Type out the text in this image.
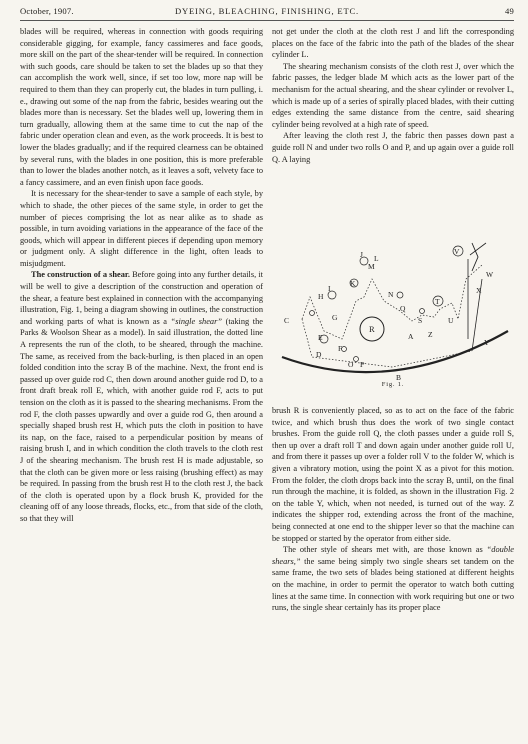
October, 1907.	DYEING, BLEACHING, FINISHING, ETC.	49

blades will be required, whereas in connection with goods requiring considerable gigging, for example, fancy cassimeres and face goods, more skill on the part of the shear-tender will be required. In connection with such goods, care should be taken to set the blades up so that they can accomplish the work well, since, if set too low, more nap will be required to them than they can properly cut, the blades in turn pulling, i. e., drawing out some of the nap from the fabric, besides wearing out the blades more than is necessary. Set the blades well up, lowering them in turn gradually, allowing them at the same time to cut the nap of the fabric under operation clean and even, as the work proceeds. It is best to lower the blades gradually; and if the required clearness can be obtained by several runs, with the blades in one position, this is more preferable than to lower the blades another notch, as it leaves a soft, velvety face to a fancy cassimere, and an even finish upon face goods.

It is necessary for the shear-tender to save a sample of each style, by which to shade, the other pieces of the same style, in order to get the number of pieces comprising the lot as near alike as to shade as possible, in turn avoiding variations in the appearance of the face of the goods, which will appear in different pieces if depending upon memory or judgment only. A slight difference in the light, often leads to misjudgment.

The construction of a shear. Before going into any further details, it will be well to give a description of the construction and operation of the shear, a feature best explained in connection with the accompanying illustration, Fig. 1, being a diagram showing in outlines, the construction and working parts of what is known as a “single shear” (taking the Parks & Woolson Shear as a model). In said illustration, the dotted line A represents the run of the cloth, to be sheared, through the machine. The same, as received from the back-burling, is then placed in an open folded condition into the scray B of the machine. Next, the front end is passed up over guide rod C, then down around another guide rod D, to a front draft break roll E, which, with another guide rod F, acts to put tension on the cloth as it is passed to the shearing mechanisms. From the rod F, the cloth passes upwardly and over a guide rod G, then around a specially shaped brush rest H, which puts the cloth in position to have its nap, on the face, raised to a perpendicular position by means of raising brush I, and in which condition the cloth travels to the cloth rest J of the shearing mechanism. The brush rest H is made adjustable, so that the cloth can be given more or less raising (brushing effect) as may be required. In passing from the brush rest H to the cloth rest J, the back of the cloth is operated upon by a flock brush K, provided for the cleaning off of any loose threads, flocks, etc., from that side of the cloth, so that they will

not get under the cloth at the cloth rest J and lift the corresponding places on the face of the fabric into the path of the blades of the shear cylinder L.

The shearing mechanism consists of the cloth rest J, over which the fabric passes, the ledger blade M which acts as the lower part of the mechanism for the actual shearing, and the shear cylinder or revolver L, which is made up of a series of spirally placed blades, with their cutting edges extending the same distance from the centre, said shearing cylinder being revolved at a high rate of speed.

After leaving the cloth rest J, the fabric then passes down past a guide roll N and under two rolls O and P, and up again over a guide roll Q. A laying

C
D
E
F
G
H
I
J
K
L
M
N
O P
Q
R
S
T
U
V
W
X
Y
Z
A
B
Fig. 1.

brush R is conveniently placed, so as to act on the face of the fabric twice, and which brush thus does the work of two single contact brushes. From the guide roll Q, the cloth passes under a guide roll S, then up over a draft roll T and down again under another guide roll U, and from there it passes up over a folder roll V to the folder W, which is given a vibratory motion, using the point X as a pivot for this motion. From the folder, the cloth drops back into the scray B, until, on the final run through the machine, it is folded, as shown in the illustration Fig. 2 on the table Y, which, when not needed, is turned out of the way. Z indicates the shipper rod, extending across the front of the machine, being connected at one end to the shipper lever so that the machine can be stopped or started by the operator from either side.

The other style of shears met with, are those known as “double shears,” the same being simply two single shears set tandem on the same frame, the two sets of blades being stationed at different heights on the machine, in order to permit the operator to watch both cutting lines at the same time. In connection with work requiring but one or two runs, the single shear certainly has its proper place
